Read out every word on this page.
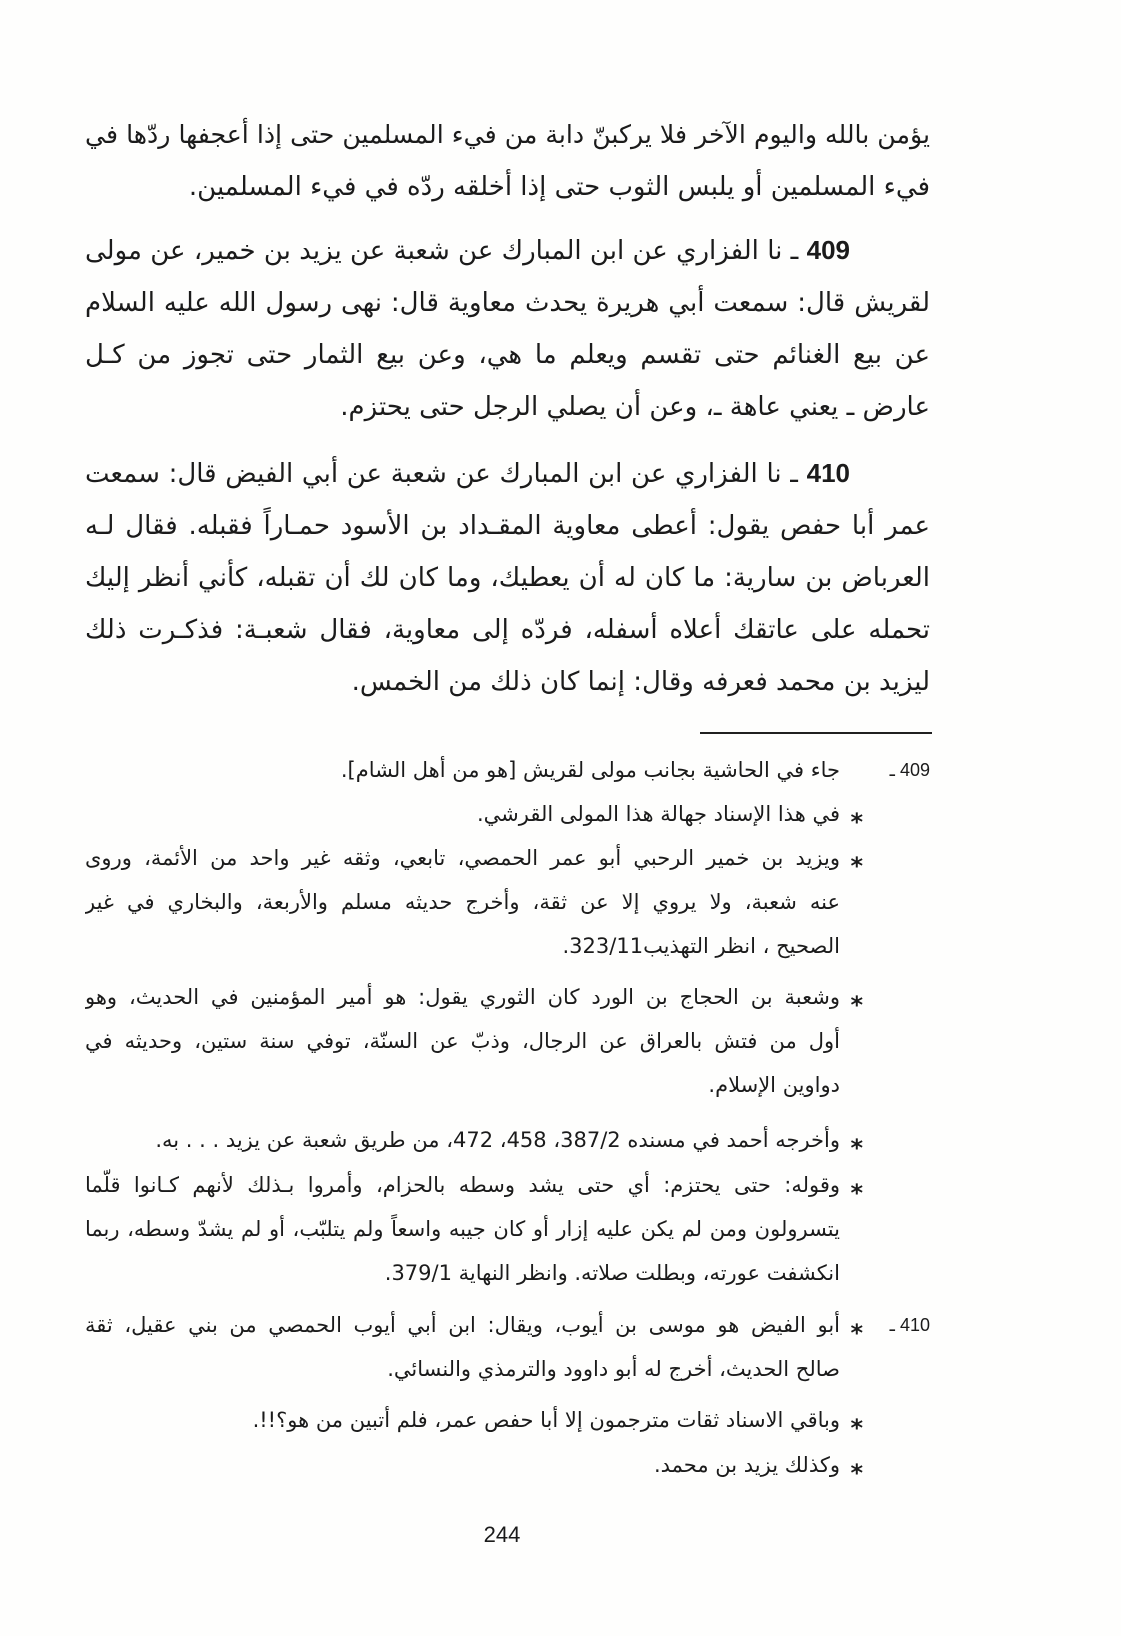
يؤمن بالله واليوم الآخر فلا يركبنّ دابة من فيء المسلمين حتى إذا أعجفها ردّها في
فيء المسلمين أو يلبس الثوب حتى إذا أخلقه ردّه في فيء المسلمين.
409 ـ نا الفزاري عن ابن المبارك عن شعبة عن يزيد بن خمير، عن مولى
لقريش قال: سمعت أبي هريرة يحدث معاوية قال: نهى رسول الله عليه السلام
عن بيع الغنائم حتى تقسم ويعلم ما هي، وعن بيع الثمار حتى تجوز من كـل
عارض ـ يعني عاهة ـ، وعن أن يصلي الرجل حتى يحتزم.
410 ـ نا الفزاري عن ابن المبارك عن شعبة عن أبي الفيض قال: سمعت
عمر أبا حفص يقول: أعطى معاوية المقـداد بن الأسود حمـاراً فقبله. فقال لـه
العرباض بن سارية: ما كان له أن يعطيك، وما كان لك أن تقبله، كأني أنظر إليك
تحمله على عاتقك أعلاه أسفله، فردّه إلى معاوية، فقال شعبـة: فذكـرت ذلك
ليزيد بن محمد فعرفه وقال: إنما كان ذلك من الخمس.
409 ـ
جاء في الحاشية بجانب مولى لقريش [هو من أهل الشام].
*
في هذا الإسناد جهالة هذا المولى القرشي.
*
ويزيد بن خمير الرحبي أبو عمر الحمصي، تابعي، وثقه غير واحد من الأئمة، وروى
عنه شعبة، ولا يروي إلا عن ثقة، وأخرج حديثه مسلم والأربعة، والبخاري في غير
الصحيح ، انظر التهذيب323/11.
*
وشعبة بن الحجاج بن الورد كان الثوري يقول: هو أمير المؤمنين في الحديث، وهو
أول من فتش بالعراق عن الرجال، وذبّ عن السنّة، توفي سنة ستين، وحديثه في
دواوين الإسلام.
*
وأخرجه أحمد في مسنده 387/2، 458، 472، من طريق شعبة عن يزيد . . . به.
*
وقوله: حتى يحتزم: أي حتى يشد وسطه بالحزام، وأمروا بـذلك لأنهم كـانوا قلّما
يتسرولون ومن لم يكن عليه إزار أو كان جيبه واسعاً ولم يتلبّب، أو لم يشدّ وسطه، ربما
انكشفت عورته، وبطلت صلاته. وانظر النهاية 379/1.
410 ـ
*
أبو الفيض هو موسى بن أيوب، ويقال: ابن أبي أيوب الحمصي من بني عقيل، ثقة
صالح الحديث، أخرج له أبو داوود والترمذي والنسائي.
*
وباقي الاسناد ثقات مترجمون إلا أبا حفص عمر، فلم أتبين من هو؟!!.
*
وكذلك يزيد بن محمد.
244
